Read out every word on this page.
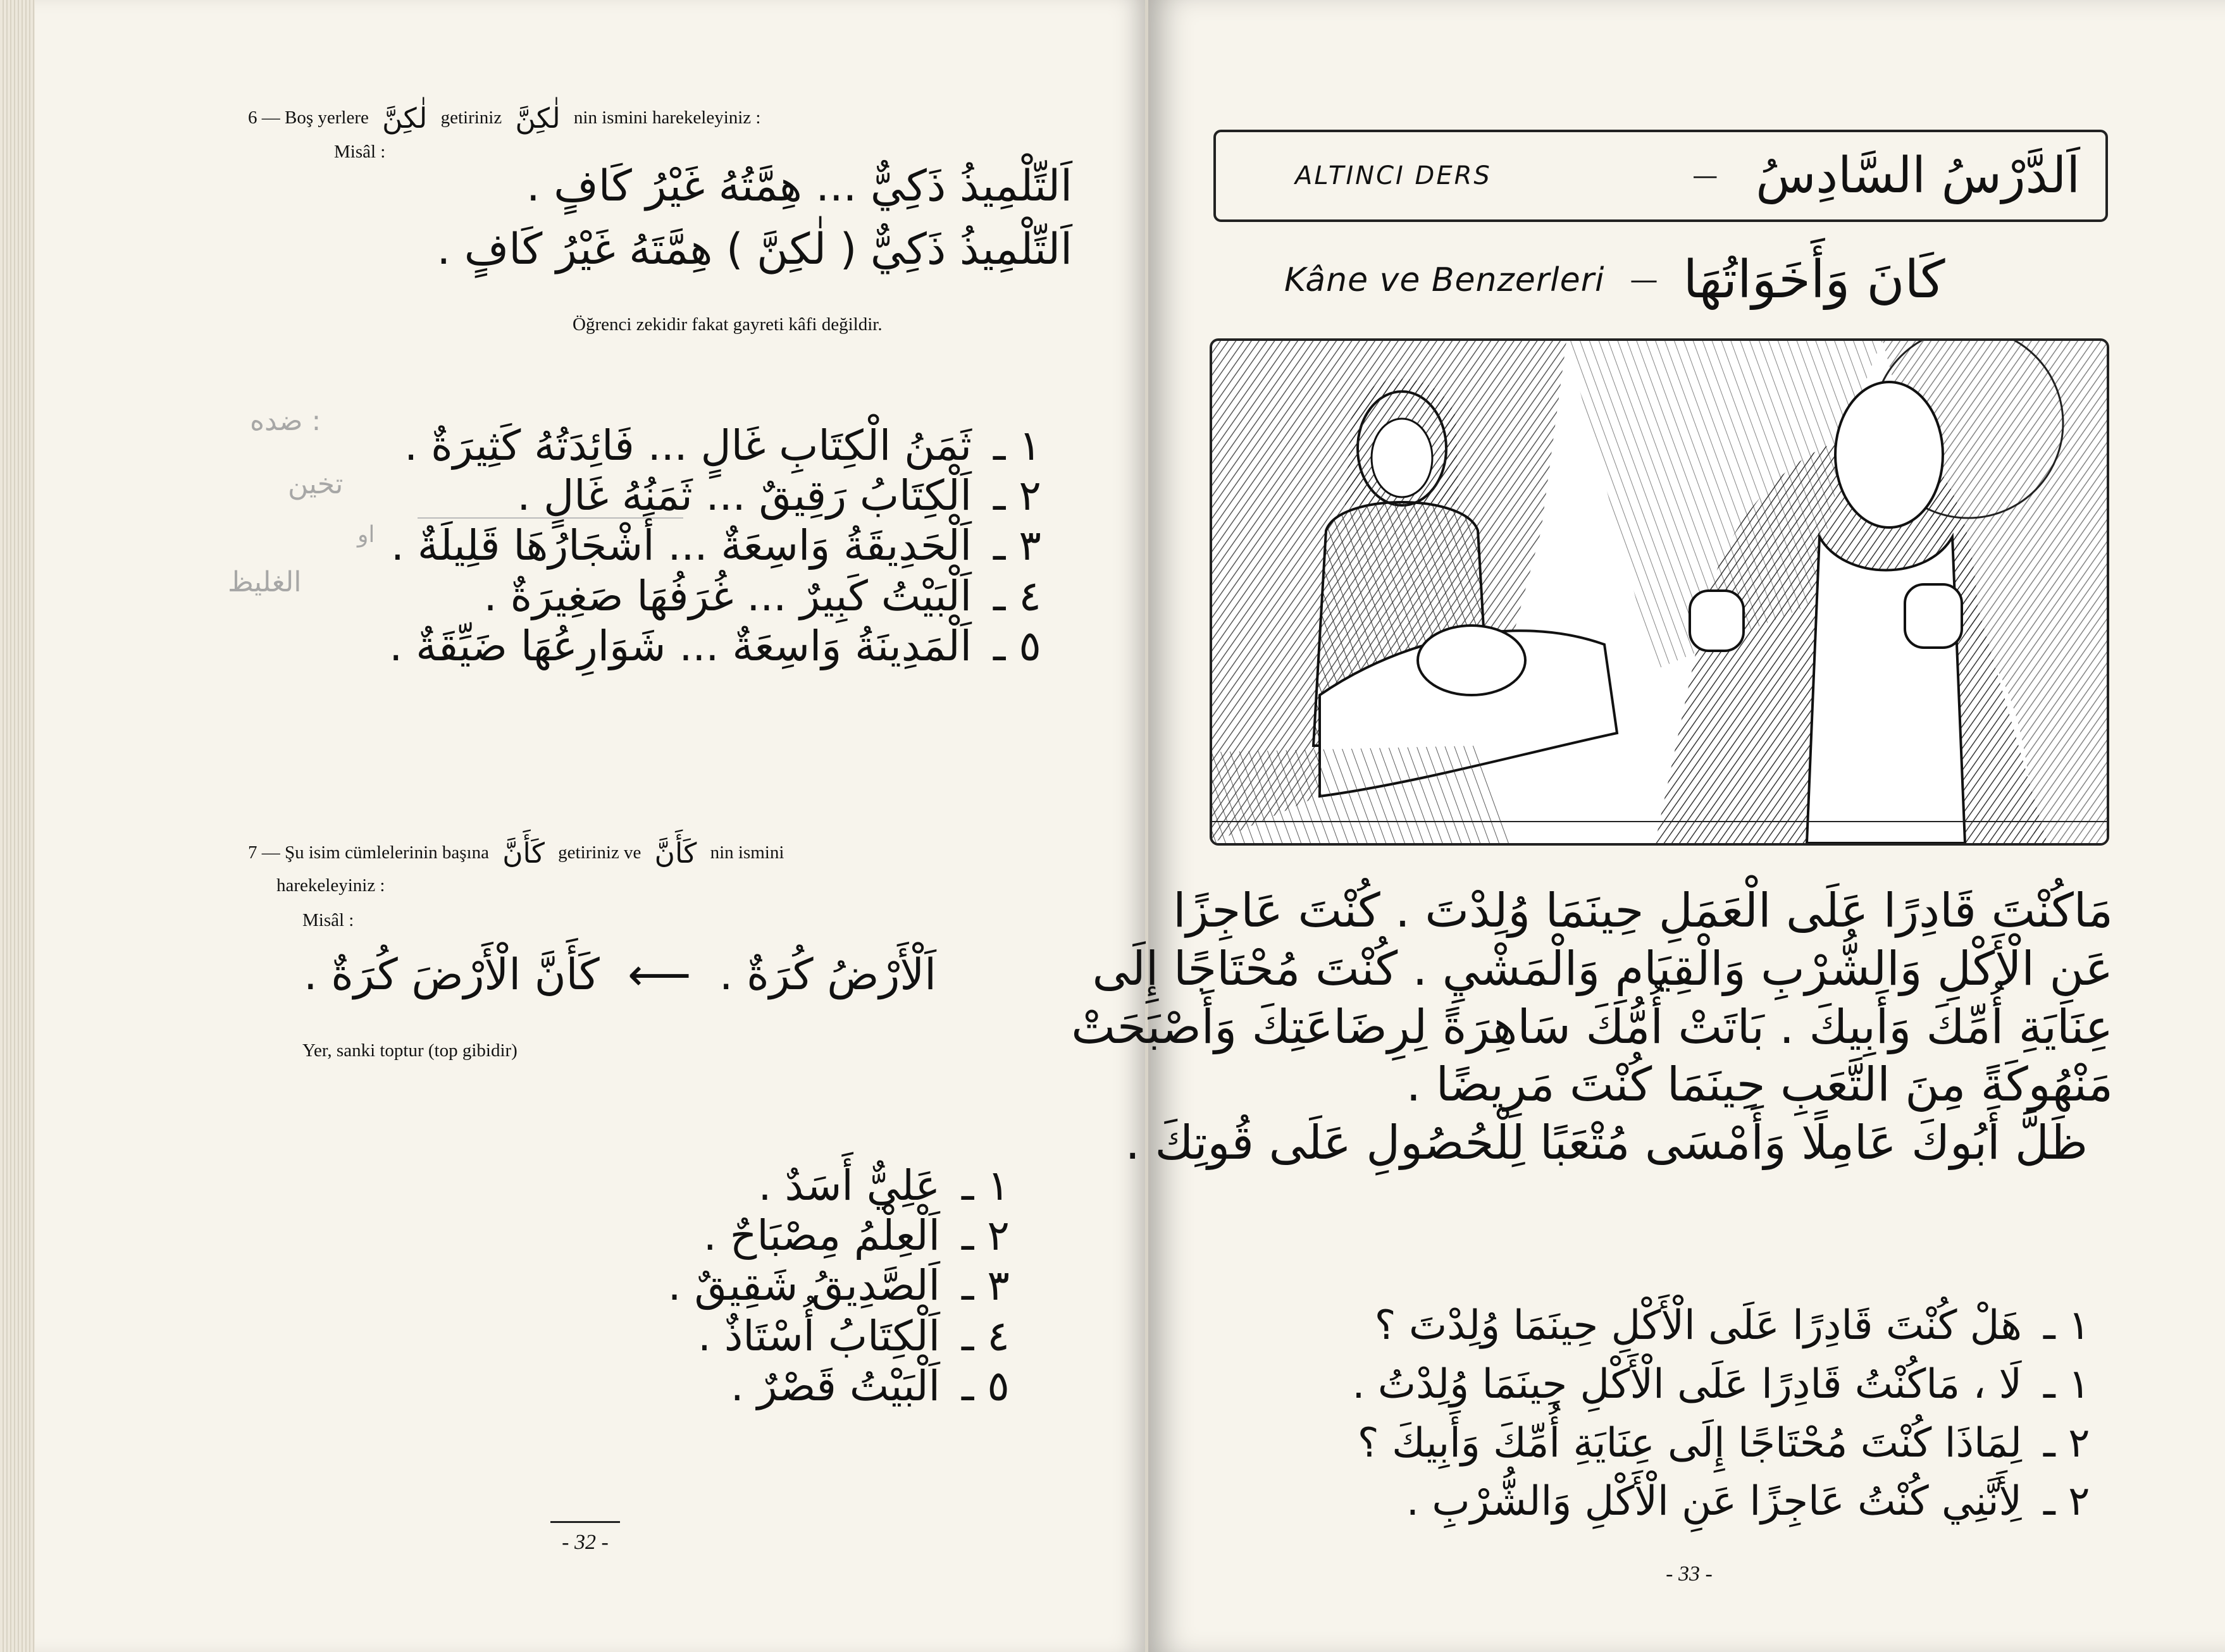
6 — Boş yerlere لٰكِنَّ getiriniz لٰكِنَّ nin ismini harekeleyiniz :
Misâl :
اَلتِّلْمِيذُ ذَكِيٌّ ... هِمَّتُهُ غَيْرُ كَافٍ .
اَلتِّلْمِيذُ ذَكِيٌّ ( لٰكِنَّ ) هِمَّتَهُ غَيْرُ كَافٍ .
Öğrenci zekidir fakat gayreti kâfi değildir.
ضده :
تخين
او
الغليظ
ثَمَنُ الْكِتَابِ غَالٍ ... فَائِدَتُهُ كَثِيرَةٌ . ١ ـ
اَلْكِتَابُ رَقِيقٌ ... ثَمَنُهُ غَالٍ . ٢ ـ
اَلْحَدِيقَةُ وَاسِعَةٌ ... أَشْجَارُهَا قَلِيلَةٌ . ٣ ـ
اَلْبَيْتُ كَبِيرٌ ... غُرَفُهَا صَغِيرَةٌ . ٤ ـ
اَلْمَدِينَةُ وَاسِعَةٌ ... شَوَارِعُهَا ضَيِّقَةٌ . ٥ ـ
7 — Şu isim cümlelerinin başına كَأَنَّ getiriniz ve كَأَنَّ nin ismini
harekeleyiniz :
Misâl :
كَأَنَّ الْأَرْضَ كُرَةٌ . ⟵ اَلْأَرْضُ كُرَةٌ .
Yer, sanki toptur (top gibidir)
عَلِيٌّ أَسَدٌ . ١ ـ
اَلْعِلْمُ مِصْبَاحٌ . ٢ ـ
اَلصَّدِيقُ شَقِيقٌ . ٣ ـ
اَلْكِتَابُ أُسْتَاذٌ . ٤ ـ
اَلْبَيْتُ قَصْرٌ . ٥ ـ
- 32 -
ALTINCI DERS	— اَلدَّرْسُ السَّادِسُ
Kâne ve Benzerleri — كَانَ وَأَخَوَاتُهَا
مَاكُنْتَ قَادِرًا عَلَى الْعَمَلِ حِينَمَا وُلِدْتَ . كُنْتَ عَاجِزًا
عَنِ الْأَكْلِ وَالشُّرْبِ وَالْقِيَامِ وَالْمَشْيِ . كُنْتَ مُحْتَاجًا إِلَى
عِنَايَةِ أُمِّكَ وَأَبِيكَ . بَاتَتْ أُمُّكَ سَاهِرَةً لِرِضَاعَتِكَ وَأَصْبَحَتْ
مَنْهُوكَةً مِنَ التَّعَبِ حِينَمَا كُنْتَ مَرِيضًا .
ظَلَّ أَبُوكَ عَامِلًا وَأَمْسَى مُتْعَبًا لِلْحُصُولِ عَلَى قُوتِكَ .
هَلْ كُنْتَ قَادِرًا عَلَى الْأَكْلِ حِينَمَا وُلِدْتَ ؟ ١ ـ
لَا ، مَاكُنْتُ قَادِرًا عَلَى الْأَكْلِ حِينَمَا وُلِدْتُ . ١ ـ
لِمَاذَا كُنْتَ مُحْتَاجًا إِلَى عِنَايَةِ أُمِّكَ وَأَبِيكَ ؟ ٢ ـ
لِأَنَّنِي كُنْتُ عَاجِزًا عَنِ الْأَكْلِ وَالشُّرْبِ . ٢ ـ
- 33 -
